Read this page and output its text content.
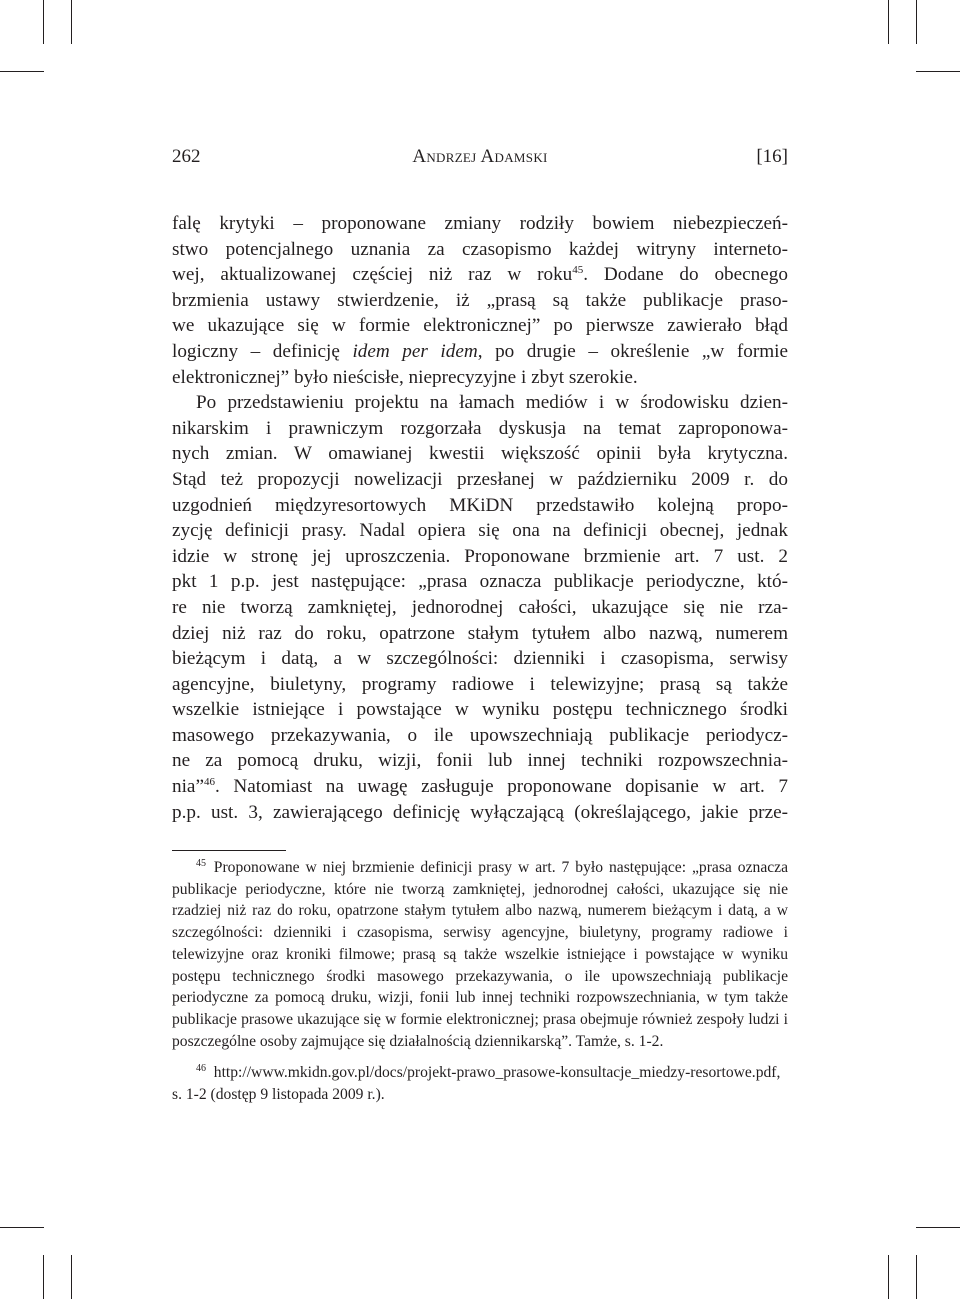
262	Andrzej Adamski	[16]
falę krytyki – proponowane zmiany rodziły bowiem niebezpieczeń-
stwo potencjalnego uznania za czasopismo każdej witryny interneto-
wej, aktualizowanej częściej niż raz w roku$^{45}$. Dodane do obecnego
brzmienia ustawy stwierdzenie, iż „prasą są także publikacje praso-
we ukazujące się w formie elektronicznej” po pierwsze zawierało błąd
logiczny – definicję idem per idem, po drugie – określenie „w formie
elektronicznej” było nieścisłe, nieprecyzyjne i zbyt szerokie.
Po przedstawieniu projektu na łamach mediów i w środowisku dzien-
nikarskim i prawniczym rozgorzała dyskusja na temat zaproponowa-
nych zmian. W omawianej kwestii większość opinii była krytyczna.
Stąd też propozycji nowelizacji przesłanej w październiku 2009 r. do
uzgodnień międzyresortowych MKiDN przedstawiło kolejną propo-
zycję definicji prasy. Nadal opiera się ona na definicji obecnej, jednak
idzie w stronę jej uproszczenia. Proponowane brzmienie art. 7 ust. 2
pkt 1 p.p. jest następujące: „prasa oznacza publikacje periodyczne, któ-
re nie tworzą zamkniętej, jednorodnej całości, ukazujące się nie rza-
dziej niż raz do roku, opatrzone stałym tytułem albo nazwą, numerem
bieżącym i datą, a w szczególności: dzienniki i czasopisma, serwisy
agencyjne, biuletyny, programy radiowe i telewizyjne; prasą są także
wszelkie istniejące i powstające w wyniku postępu technicznego środki
masowego przekazywania, o ile upowszechniają publikacje periodycz-
ne za pomocą druku, wizji, fonii lub innej techniki rozpowszechnia-
nia”$^{46}$. Natomiast na uwagę zasługuje proponowane dopisanie w art. 7
p.p. ust. 3, zawierającego definicję wyłączającą (określającego, jakie prze-
$^{45}$  Proponowane w niej brzmienie definicji prasy w art. 7 było następujące: „prasa oznacza publikacje periodyczne, które nie tworzą zamkniętej, jednorodnej całości, ukazujące się nie rzadziej niż raz do roku, opatrzone stałym tytułem albo nazwą, numerem bieżącym i datą, a w szczególności: dzienniki i czasopisma, serwisy agencyjne, biuletyny, programy radiowe i telewizyjne oraz kroniki filmowe; prasą są także wszelkie istniejące i powstające w wyniku postępu technicznego środki masowego przekazywania, o ile upowszechniają publikacje periodyczne za pomocą druku, wizji, fonii lub innej techniki rozpowszechniania, w tym także publikacje prasowe ukazujące się w formie elektronicznej; prasa obejmuje również zespoły ludzi i poszczególne osoby zajmujące się działalnością dziennikarską”. Tamże, s. 1-2.
$^{46}$  http://www.mkidn.gov.pl/docs/projekt-prawo_prasowe-konsultacje_miedzy-resortowe.pdf, s. 1-2 (dostęp 9 listopada 2009 r.).
